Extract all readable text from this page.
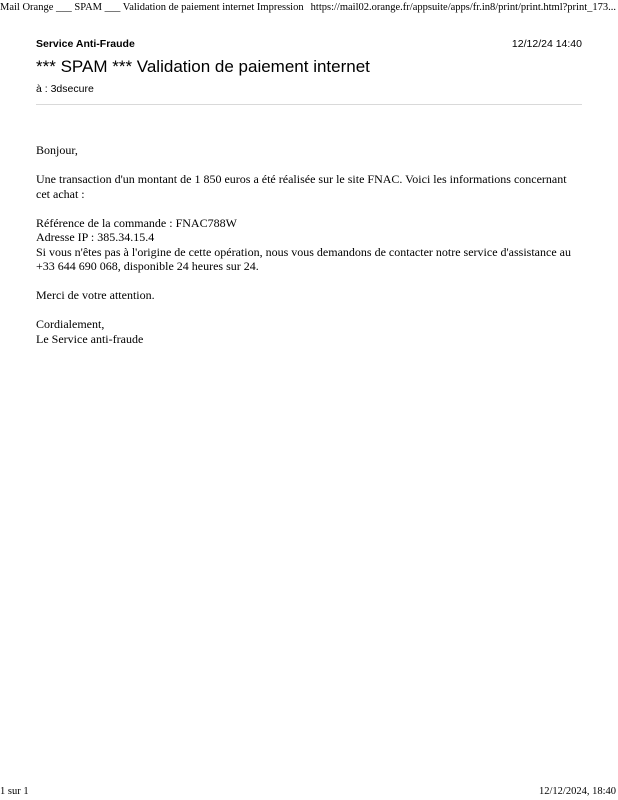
Mail Orange ___ SPAM ___ Validation de paiement internet Impression https://mail02.orange.fr/appsuite/apps/fr.in8/print/print.html?print_173...
Service Anti-Fraude	12/12/24 14:40
*** SPAM *** Validation de paiement internet
à : 3dsecure

Bonjour,

Une transaction d'un montant de 1 850 euros a été réalisée sur le site FNAC. Voici les informations concernant cet achat :

Référence de la commande : FNAC788W

Adresse IP : 385.34.15.4

Si vous n'êtes pas à l'origine de cette opération, nous vous demandons de contacter notre service d'assistance au +33 644 690 068, disponible 24 heures sur 24.

Merci de votre attention.

Cordialement,

Le Service anti-fraude

1 sur 1	12/12/2024, 18:40
